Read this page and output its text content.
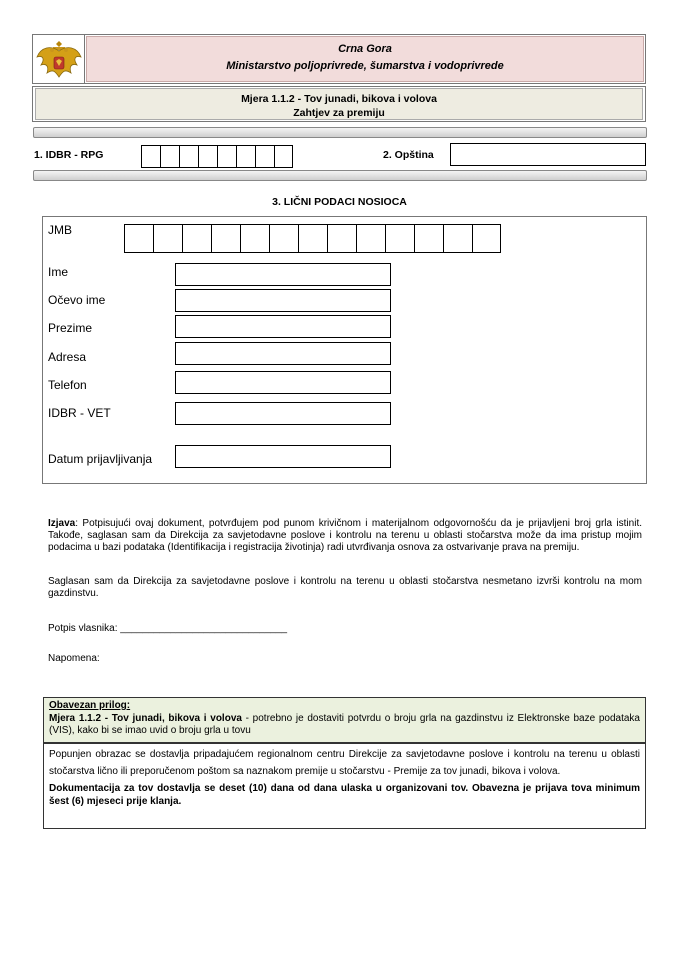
Crna Gora
Ministarstvo poljoprivrede, šumarstva i vodoprivrede
Mjera 1.1.2 - Tov junadi, bikova i volova
Zahtjev za premiju
1. IDBR - RPG	2. Opština
3. LIČNI PODACI NOSIOCA
JMB
Ime
Očevo ime
Prezime
Adresa
Telefon
IDBR - VET
Datum prijavljivanja
Izjava: Potpisujući ovaj dokument, potvrđujem pod punom krivičnom i materijalnom odgovornošću da je prijavljeni broj grla istinit. Takođe, saglasan sam da Direkcija za savjetodavne poslove i kontrolu na terenu u oblasti stočarstva može da ima pristup mojim podacima u bazi podataka (Identifikacija i registracija životinja) radi utvrđivanja osnova za ostvarivanje prava na premiju.
Saglasan sam da Direkcija za savjetodavne poslove i kontrolu na terenu u oblasti stočarstva nesmetano izvrši kontrolu na mom gazdinstvu.
Potpis vlasnika: ______________________________
Napomena:

Obavezan prilog:

Mjera 1.1.2 - Tov junadi, bikova i volova - potrebno je dostaviti potvrdu o broju grla na gazdinstvu iz Elektronske baze podataka (VIS), kako bi se imao uvid o broju grla u tovu

Popunjen obrazac se dostavlja pripadajućem regionalnom centru Direkcije za savjetodavne poslove i kontrolu na terenu u oblasti stočarstva lično ili preporučenom poštom sa naznakom premije u stočarstvu - Premije za tov junadi, bikova i volova.

Dokumentacija za tov dostavlja se deset (10) dana od dana ulaska u organizovani tov. Obavezna je prijava tova minimum šest (6) mjeseci prije klanja.
